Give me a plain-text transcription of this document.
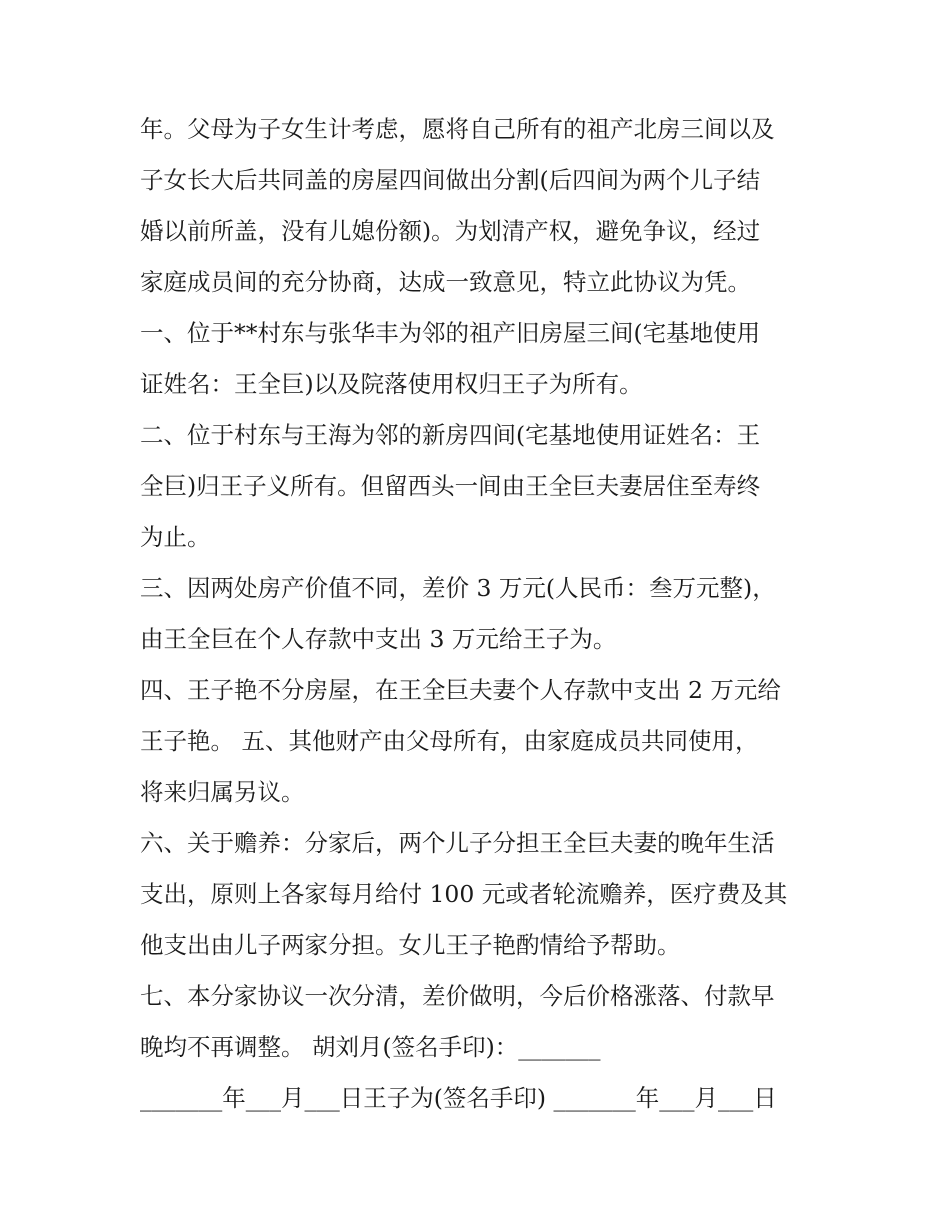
年。父母为子女生计考虑，愿将自己所有的祖产北房三间以及
子女长大后共同盖的房屋四间做出分割(后四间为两个儿子结
婚以前所盖，没有儿媳份额)。为划清产权，避免争议，经过
家庭成员间的充分协商，达成一致意见，特立此协议为凭。
一、位于**村东与张华丰为邻的祖产旧房屋三间(宅基地使用
证姓名：王全巨)以及院落使用权归王子为所有。
二、位于村东与王海为邻的新房四间(宅基地使用证姓名：王
全巨)归王子义所有。但留西头一间由王全巨夫妻居住至寿终
为止。
三、因两处房产价值不同，差价 3 万元(人民币：叁万元整)，
由王全巨在个人存款中支出 3 万元给王子为。
四、王子艳不分房屋，在王全巨夫妻个人存款中支出 2 万元给
王子艳。 五、其他财产由父母所有，由家庭成员共同使用，
将来归属另议。
六、关于赡养：分家后，两个儿子分担王全巨夫妻的晚年生活
支出，原则上各家每月给付 100 元或者轮流赡养，医疗费及其
他支出由儿子两家分担。女儿王子艳酌情给予帮助。
七、本分家协议一次分清，差价做明，今后价格涨落、付款早
晚均不再调整。 胡刘月(签名手印)：_______
_______年___月___日王子为(签名手印) _______年___月___日
